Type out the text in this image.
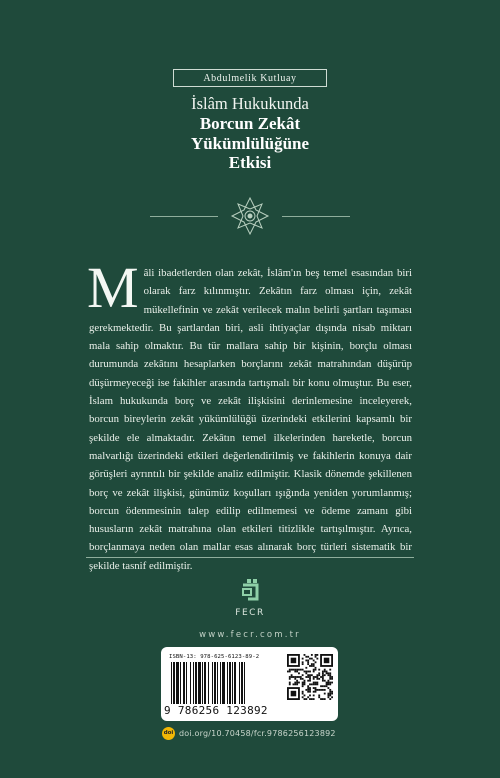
Abdulmelik Kutluay
İslâm Hukukunda
Borcun Zekât
Yükümlülüğüne
Etkisi
Mâli ibadetlerden olan zekât, İslâm'ın beş temel esasından biri olarak farz kılınmıştır. Zekâtın farz olması için, zekât mükellefinin ve zekât verilecek malın belirli şartları taşıması gerekmektedir. Bu şartlardan biri, asli ihtiyaçlar dışında nisab miktarı mala sahip olmaktır. Bu tür mallara sahip bir kişinin, borçlu olması durumunda zekâtını hesaplarken borçlarını zekât matrahından düşürüp düşürmeyeceği ise fakihler arasında tartışmalı bir konu olmuştur. Bu eser, İslam hukukunda borç ve zekât ilişkisini derinlemesine inceleyerek, borcun bireylerin zekât yükümlülüğü üzerindeki etkilerini kapsamlı bir şekilde ele almaktadır. Zekâtın temel ilkelerinden hareketle, borcun malvarlığı üzerindeki etkileri değerlendirilmiş ve fakihlerin konuya dair görüşleri ayrıntılı bir şekilde analiz edilmiştir. Klasik dönemde şekillenen borç ve zekât ilişkisi, günümüz koşulları ışığında yeniden yorumlanmış; borcun ödenmesinin talep edilip edilmemesi ve ödeme zamanı gibi hususların zekât matrahına olan etkileri titizlikle tartışılmıştır. Ayrıca, borçlanmaya neden olan mallar esas alınarak borç türleri sistematik bir şekilde tasnif edilmiştir.
FECR
www.fecr.com.tr
ISBN-13: 978-625-6123-89-2
9 786256 123892
doi doi.org/10.70458/fcr.9786256123892
